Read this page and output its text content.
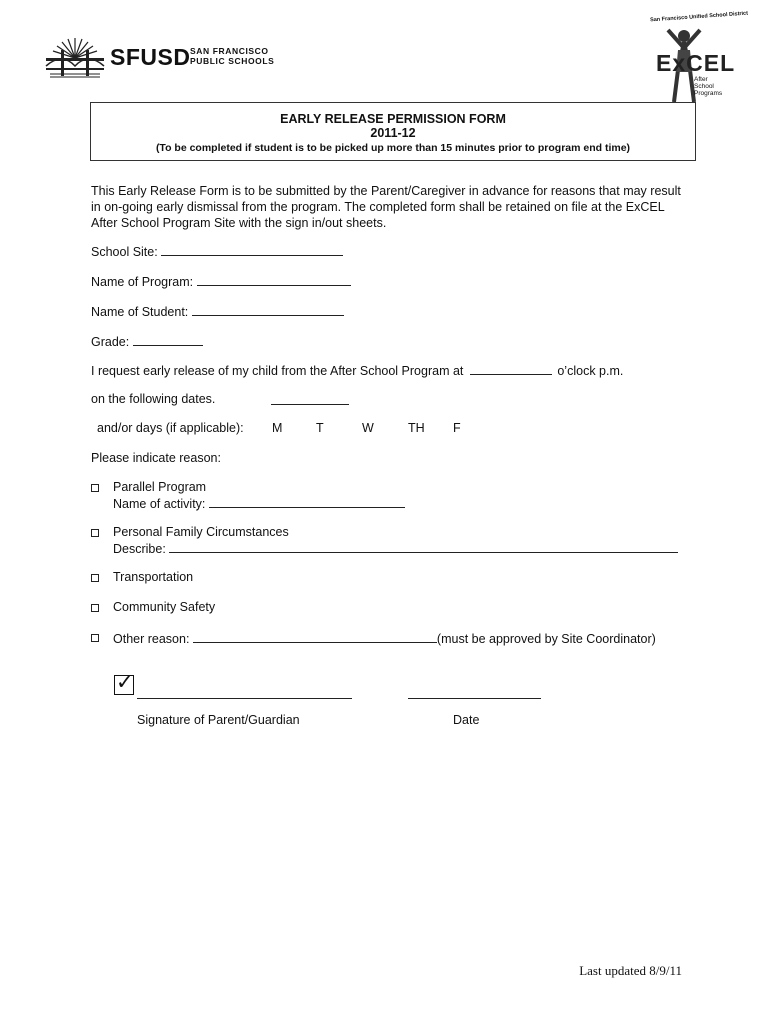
SFUSD SAN FRANCISCO
PUBLIC SCHOOLS
San Francisco Unified School District
ExCEL
After School
Programs
EARLY RELEASE PERMISSION FORM
2011-12
(To be completed if student is to be picked up more than 15 minutes prior to program end time)
This Early Release Form is to be submitted by the Parent/Caregiver in advance for reasons that may result in on-going early dismissal from the program. The completed form shall be retained on file at the ExCEL After School Program Site with the sign in/out sheets.
School Site:
Name of Program:
Name of Student:
Grade:
I request early release of my child from the After School Program at	o’clock p.m.
on the following dates.
and/or days (if applicable): M	T	W	TH F
Please indicate reason:
Parallel Program
Name of activity:
Personal Family Circumstances
Describe:
Transportation
Community Safety
Other reason:	(must be approved by Site Coordinator)
✓
Signature of Parent/Guardian	Date
Last updated 8/9/11
